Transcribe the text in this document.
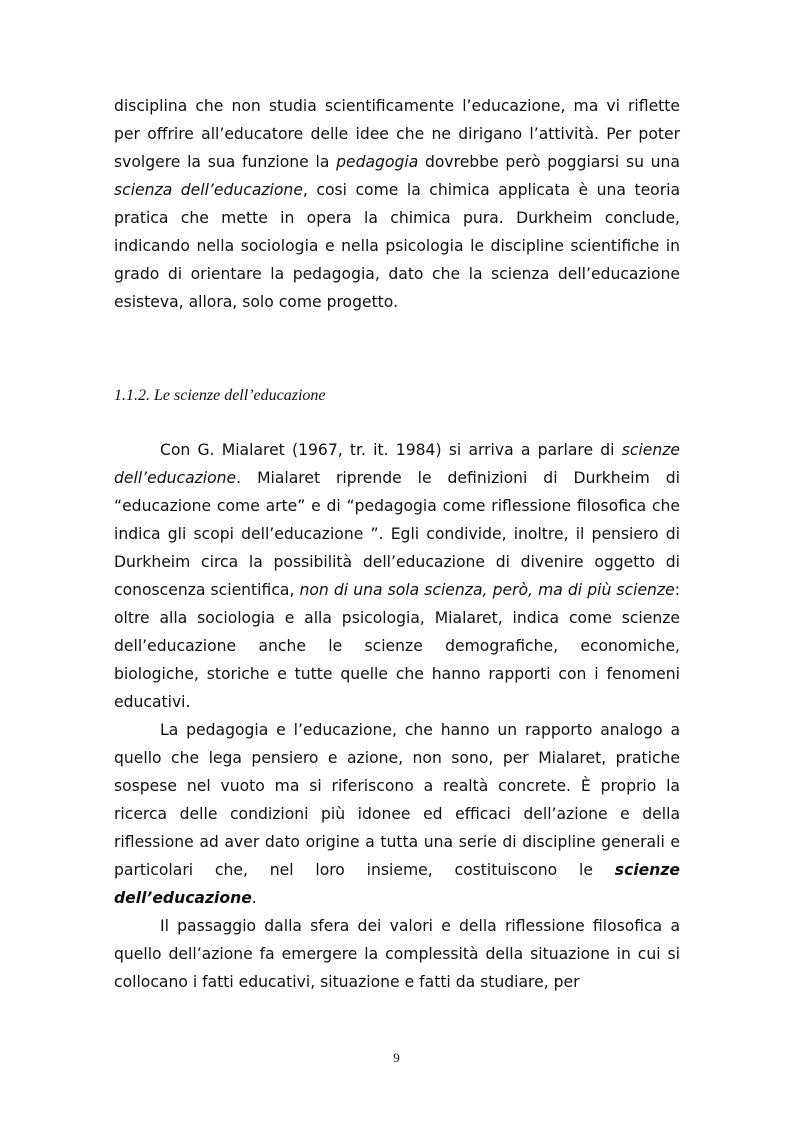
disciplina che non studia scientificamente l’educazione, ma vi riflette per offrire all’educatore delle idee che ne dirigano l’attività. Per poter svolgere la sua funzione la pedagogia dovrebbe però poggiarsi su una scienza dell’educazione, cosi come la chimica applicata è una teoria pratica che mette in opera la chimica pura. Durkheim conclude, indicando nella sociologia e nella psicologia le discipline scientifiche in grado di orientare la pedagogia, dato che la scienza dell’educazione esisteva, allora, solo come progetto.

1.1.2. Le scienze dell’educazione

Con G. Mialaret (1967, tr. it. 1984) si arriva a parlare di scienze dell’educazione. Mialaret riprende le definizioni di Durkheim di “educazione come arte” e di “pedagogia come riflessione filosofica che indica gli scopi dell’educazione ”. Egli condivide, inoltre, il pensiero di Durkheim circa la possibilità dell’educazione di divenire oggetto di conoscenza scientifica, non di una sola scienza, però, ma di più scienze: oltre alla sociologia e alla psicologia, Mialaret, indica come scienze dell’educazione anche le scienze demografiche, economiche, biologiche, storiche e tutte quelle che hanno rapporti con i fenomeni educativi.

La pedagogia e l’educazione, che hanno un rapporto analogo a quello che lega pensiero e azione, non sono, per Mialaret, pratiche sospese nel vuoto ma si riferiscono a realtà concrete. È proprio la ricerca delle condizioni più idonee ed efficaci dell’azione e della riflessione ad aver dato origine a tutta una serie di discipline generali e particolari che, nel loro insieme, costituiscono le scienze dell’educazione.

Il passaggio dalla sfera dei valori e della riflessione filosofica a quello dell’azione fa emergere la complessità della situazione in cui si collocano i fatti educativi, situazione e fatti da studiare, per

9
